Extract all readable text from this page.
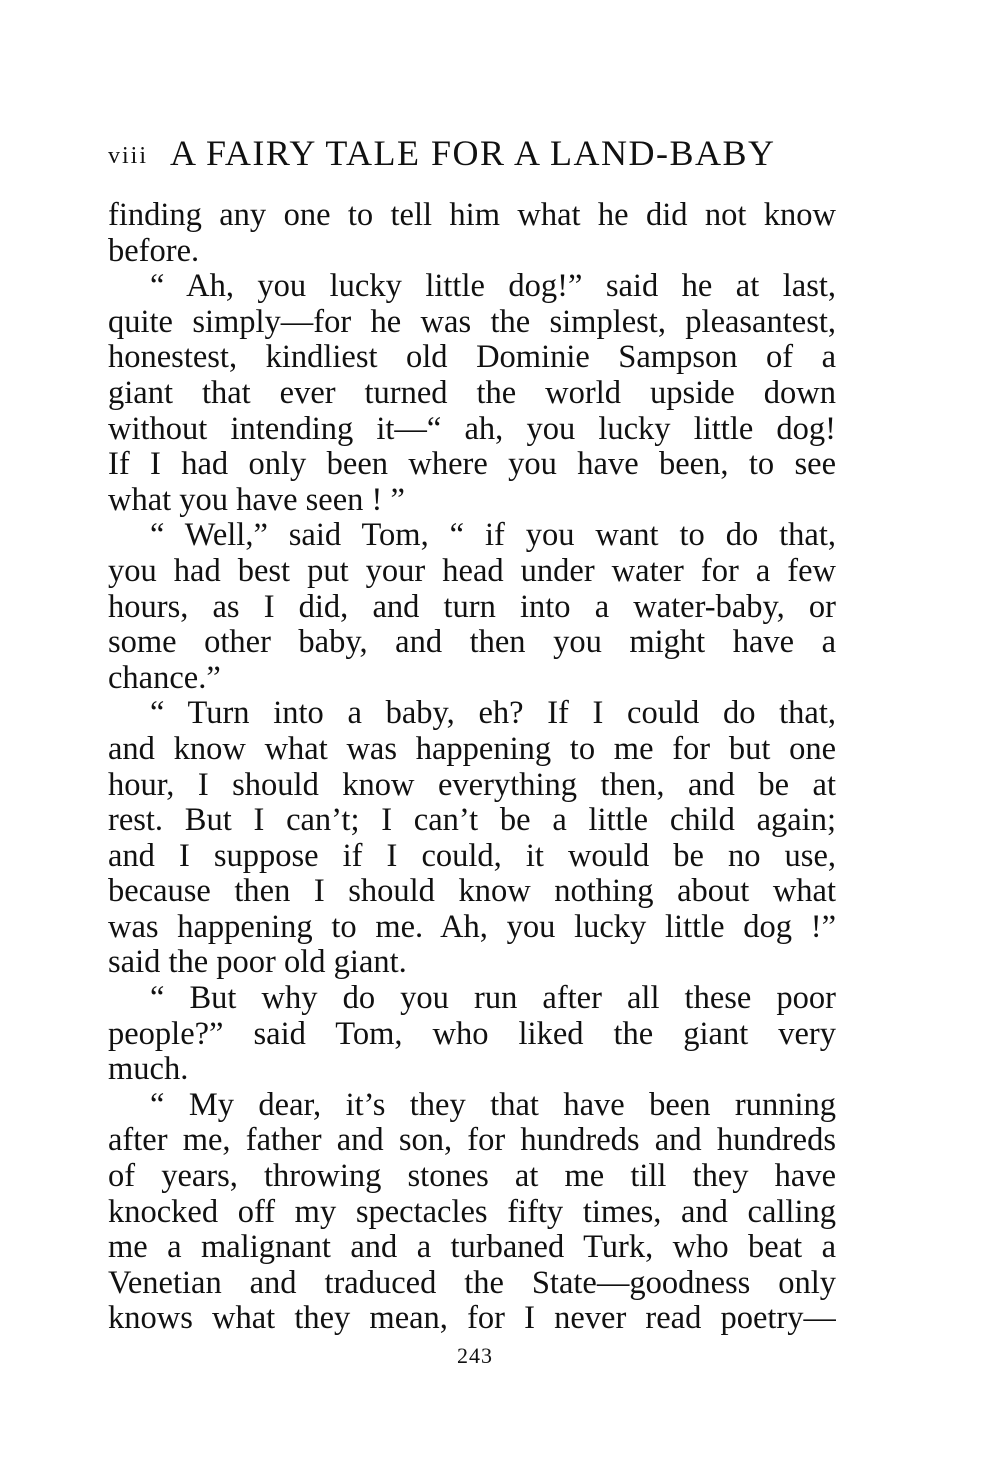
viii A FAIRY TALE FOR A LAND-BABY
finding any one to tell him what he did not know
before.
“ Ah, you lucky little dog!” said he at last,
quite simply—for he was the simplest, pleasantest,
honestest, kindliest old Dominie Sampson of a
giant that ever turned the world upside down
without intending it—“ ah, you lucky little dog!
If I had only been where you have been, to see
what you have seen ! ”
“ Well,” said Tom, “ if you want to do that,
you had best put your head under water for a few
hours, as I did, and turn into a water-baby, or
some other baby, and then you might have a
chance.”
“ Turn into a baby, eh? If I could do that,
and know what was happening to me for but one
hour, I should know everything then, and be at
rest. But I can’t; I can’t be a little child again;
and I suppose if I could, it would be no use,
because then I should know nothing about what
was happening to me. Ah, you lucky little dog !”
said the poor old giant.
“ But why do you run after all these poor
people?” said Tom, who liked the giant very
much.
“ My dear, it’s they that have been running
after me, father and son, for hundreds and hundreds
of years, throwing stones at me till they have
knocked off my spectacles fifty times, and calling
me a malignant and a turbaned Turk, who beat a
Venetian and traduced the State—goodness only
knows what they mean, for I never read poetry—
243
